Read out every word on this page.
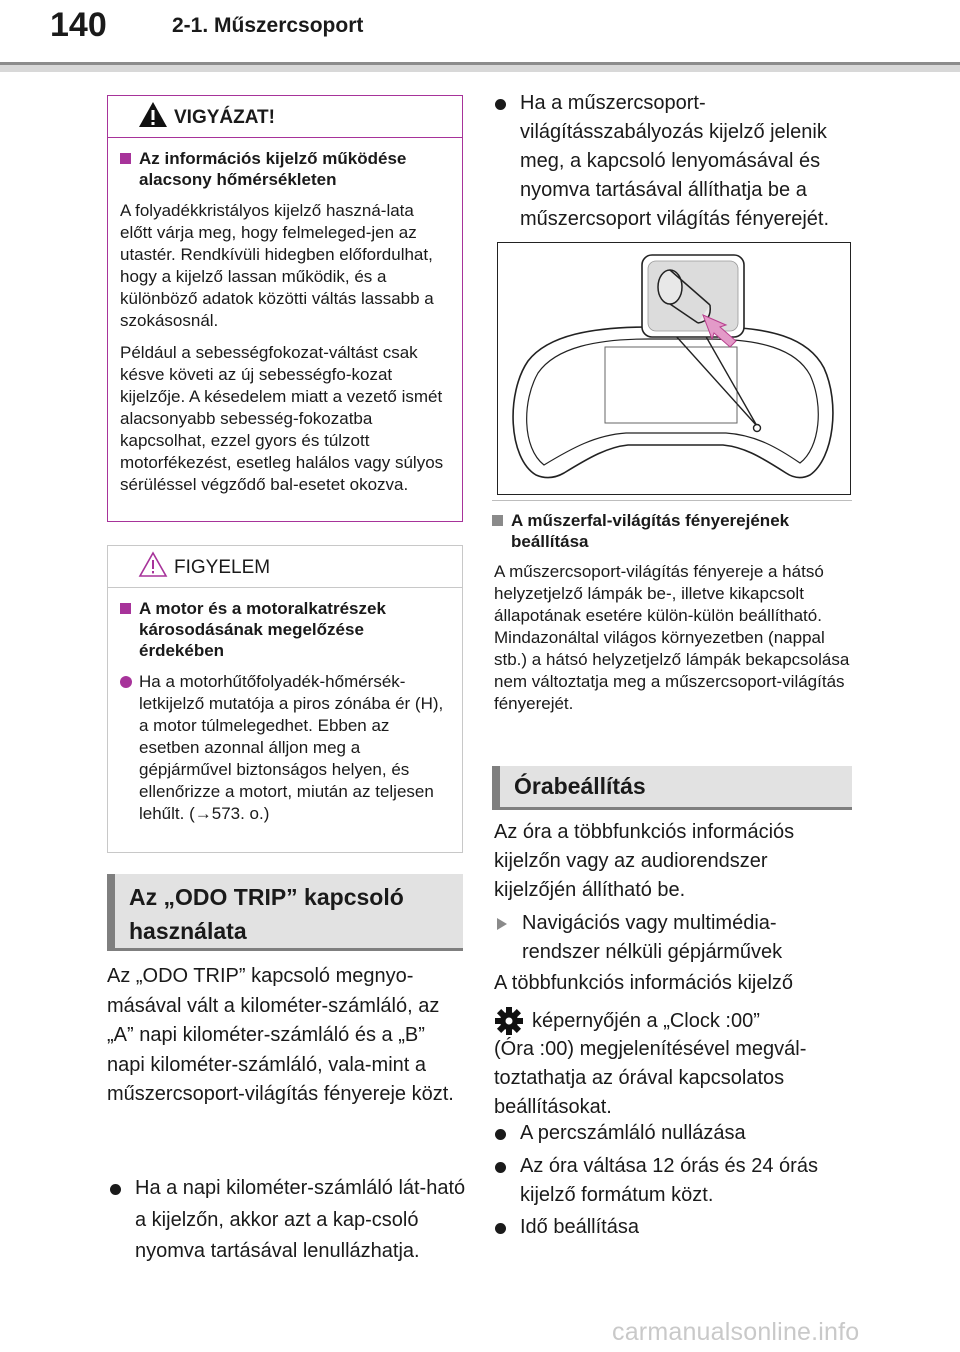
140	2-1. Műszercsoport
VIGYÁZAT!
Az információs kijelző működése alacsony hőmérsékleten

A folyadékkristályos kijelző haszná-lata előtt várja meg, hogy felmeleged-jen az utastér. Rendkívüli hidegben előfordulhat, hogy a kijelző lassan működik, és a különböző adatok közötti váltás lassabb a szokásosnál.

Például a sebességfokozat-váltást csak késve követi az új sebességfo-kozat kijelzője. A késedelem miatt a vezető ismét alacsonyabb sebesség-fokozatba kapcsolhat, ezzel gyors és túlzott motorfékezést, esetleg halálos vagy súlyos sérüléssel végződő bal-esetet okozva.

FIGYELEM
A motor és a motoralkatrészek károsodásának megelőzése érdekében
Ha a motorhűtőfolyadék-hőmérsék-letkijelző mutatója a piros zónába ér (H), a motor túlmelegedhet. Ebben az esetben azonnal álljon meg a gépjárművel biztonságos helyen, és ellenőrizze a motort, miután az teljesen lehűlt. (→573. o.)
Az „ODO TRIP” kapcsoló használata
Az „ODO TRIP” kapcsoló megnyo-másával vált a kilométer-számláló, az „A” napi kilométer-számláló és a „B” napi kilométer-számláló, vala-mint a műszercsoport-világítás fényereje közt.
Ha a napi kilométer-számláló lát-ható a kijelzőn, akkor azt a kap-csoló nyomva tartásával lenullázhatja.
Ha a műszercsoport-világításszabályozás kijelző jelenik meg, a kapcsoló lenyomásával és nyomva tartásával állíthatja be a műszercsoport világítás fényerejét.
A műszerfal-világítás fényerejének beállítása
A műszercsoport-világítás fényereje a hátsó helyzetjelző lámpák be-, illetve kikapcsolt állapotának esetére külön-külön beállítható. Mindazonáltal világos környezetben (nappal stb.) a hátsó helyzetjelző lámpák bekapcsolása nem változtatja meg a műszercsoport-világítás fényerejét.
Órabeállítás
Az óra a többfunkciós információs kijelzőn vagy az audiorendszer kijelzőjén állítható be.
Navigációs vagy multimédia-rendszer nélküli gépjárművek
A többfunkciós információs kijelző
képernyőjén a „Clock :00”
(Óra :00) megjelenítésével megvál-toztathatja az órával kapcsolatos beállításokat.
A percszámláló nullázása
Az óra váltása 12 órás és 24 órás kijelző formátum közt.
Idő beállítása
carmanualsonline.info
